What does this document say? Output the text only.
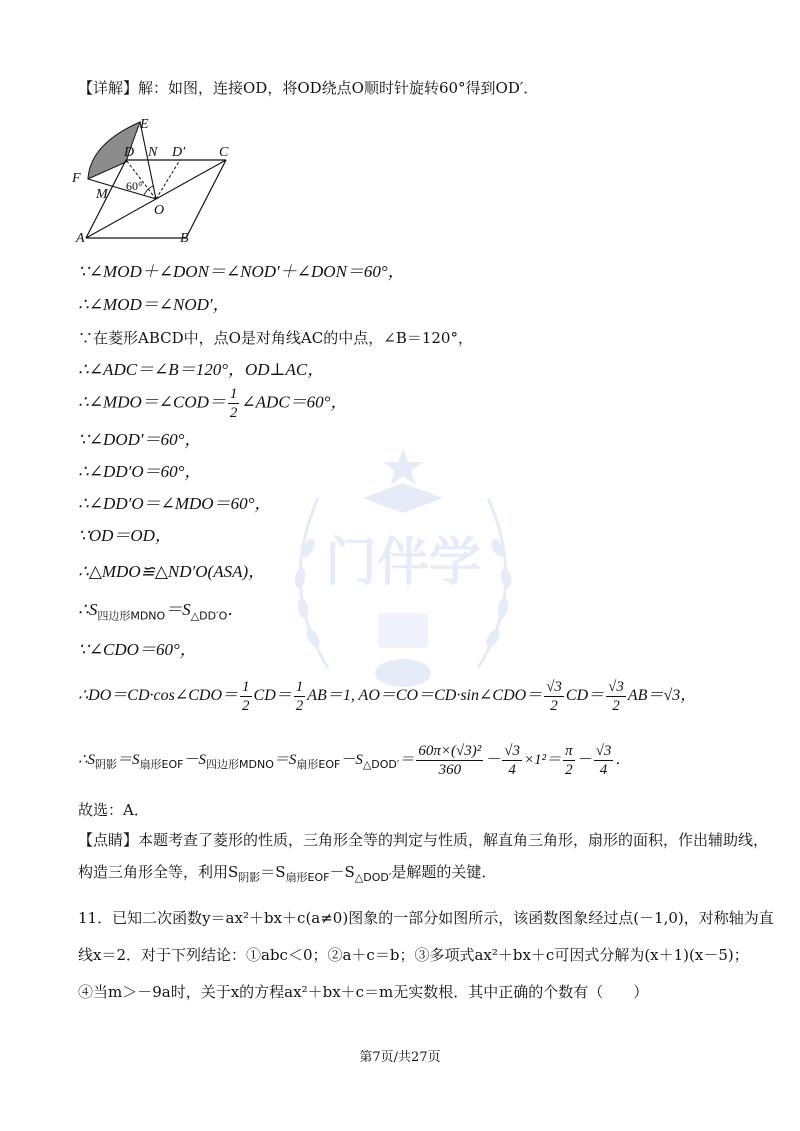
门伴学
【详解】解：如图，连接OD，将OD绕点O顺时针旋转60°得到OD′．
E
D N D′ C
F
M
O
A	B
60°
∵∠MOD＋∠DON＝∠NOD′＋∠DON＝60°，
∴∠MOD＝∠NOD′，
∵在菱形ABCD中，点O是对角线AC的中点，∠B＝120°，
∴∠ADC＝∠B＝120°，OD⊥AC，
∴∠MDO＝∠COD＝ $\frac{1}{2}$ ∠ADC＝60°，
∵∠DOD′＝60°，
∴∠DD′O＝60°，
∴∠DD′O＝∠MDO＝60°，
∵OD＝OD，
∴△MDO≌△ND′O(ASA)，
$\therefore S_{四边形MDNO}=S_{\triangle DD'O}$．
∵∠CDO＝60°，
∴DO＝CD·cos∠CDO＝ $\frac{1}{2} CD= \frac{1}{2} AB=1$, AO＝CO＝CD·sin∠CDO＝ $\frac{√3}{2} CD= \frac{√3}{2} AB=√3$，
$\therefore S_{阴影}=S_{扇形EOF}-S_{四边形MDNO}=S_{扇形EOF}-S_{\triangle DOD'}= \frac{\text{60π×(√3)²}}{360} - \frac{√3}{4} \times 1^2= \frac{\pi}{2} - \frac{√3}{4}$ ．
故选：A．
【点睛】本题考查了菱形的性质，三角形全等的判定与性质，解直角三角形，扇形的面积，作出辅助线，
构造三角形全等，利用$S_{阴影}=S_{扇形EOF}-S_{\triangle DOD'}$是解题的关键．
11．已知二次函数y＝ax²＋bx＋c(a≠0)图象的一部分如图所示，该函数图象经过点(－1,0)，对称轴为直
线x＝2．对于下列结论：①abc＜0；②a＋c＝b；③多项式ax²＋bx＋c可因式分解为(x＋1)(x－5)；
④当m＞－9a时，关于x的方程ax²＋bx＋c＝m无实数根．其中正确的个数有（　　）
第7页/共27页
